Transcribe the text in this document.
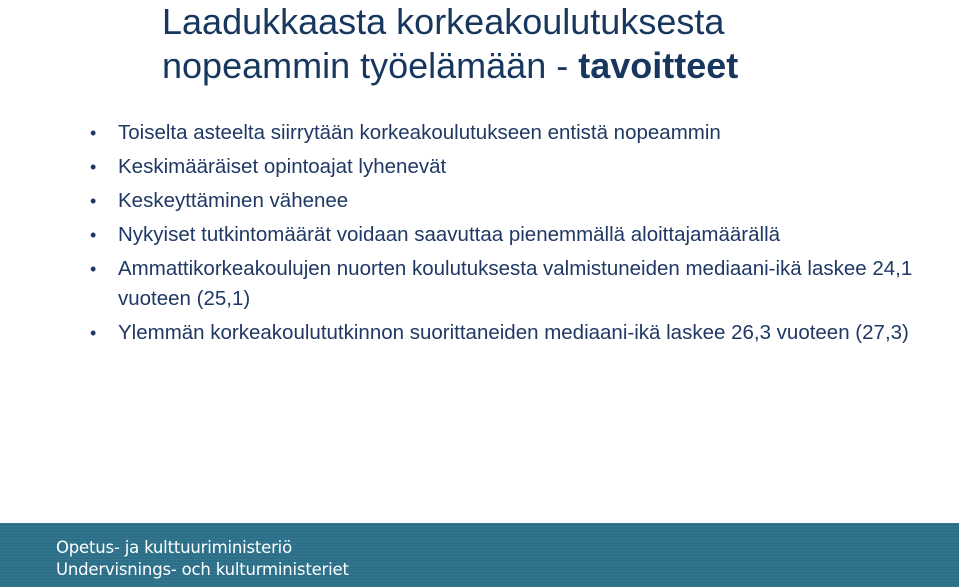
Laadukkaasta korkeakoulutuksesta
nopeammin työelämään - tavoitteet
• Toiselta asteelta siirrytään korkeakoulutukseen entistä nopeammin
• Keskimääräiset opintoajat lyhenevät
• Keskeyttäminen vähenee
• Nykyiset tutkintomäärät voidaan saavuttaa pienemmällä aloittajamäärällä
• Ammattikorkeakoulujen nuorten koulutuksesta valmistuneiden mediaani-ikä laskee 24,1 vuoteen (25,1)
• Ylemmän korkeakoulututkinnon suorittaneiden mediaani-ikä laskee 26,3 vuoteen (27,3)
Opetus- ja kulttuuriministeriö
Undervisnings- och kulturministeriet
